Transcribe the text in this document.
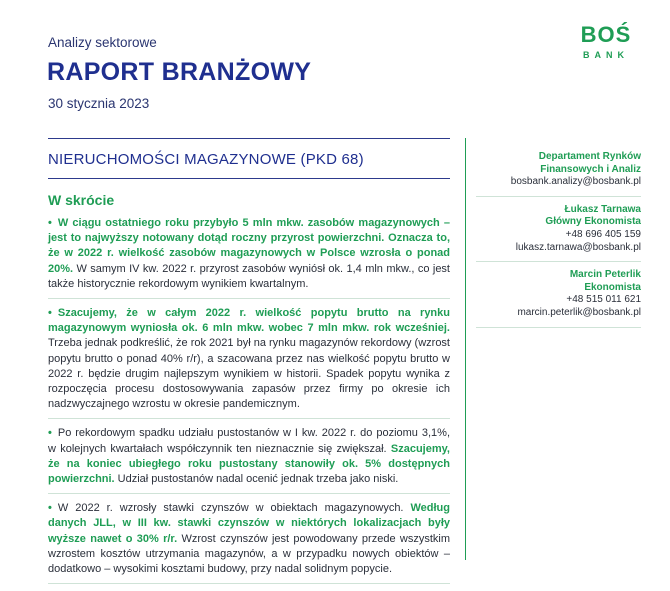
Analizy sektorowe
RAPORT BRANŻOWY
30 stycznia 2023
BOŚ
BANK
NIERUCHOMOŚCI MAGAZYNOWE (PKD 68)
W skrócie
• W ciągu ostatniego roku przybyło 5 mln mkw. zasobów magazynowych – jest to najwyższy notowany dotąd roczny przyrost powierzchni. Oznacza to, że w 2022 r. wielkość zasobów magazynowych w Polsce wzrosła o ponad 20%. W samym IV kw. 2022 r. przyrost zasobów wyniósł ok. 1,4 mln mkw., co jest także historycznie rekordowym wynikiem kwartalnym.
• Szacujemy, że w całym 2022 r. wielkość popytu brutto na rynku magazynowym wyniosła ok. 6 mln mkw. wobec 7 mln mkw. rok wcześniej. Trzeba jednak podkreślić, że rok 2021 był na rynku magazynów rekordowy (wzrost popytu brutto o ponad 40% r/r), a szacowana przez nas wielkość popytu brutto w 2022 r. będzie drugim najlepszym wynikiem w historii. Spadek popytu wynika z rozpoczęcia procesu dostosowywania zapasów przez firmy po okresie ich nadzwyczajnego wzrostu w okresie pandemicznym.
• Po rekordowym spadku udziału pustostanów w I kw. 2022 r. do poziomu 3,1%, w kolejnych kwartałach współczynnik ten nieznacznie się zwiększał. Szacujemy, że na koniec ubiegłego roku pustostany stanowiły ok. 5% dostępnych powierzchni. Udział pustostanów nadal ocenić jednak trzeba jako niski.
• W 2022 r. wzrosły stawki czynszów w obiektach magazynowych. Według danych JLL, w III kw. stawki czynszów w niektórych lokalizacjach były wyższe nawet o 30% r/r. Wzrost czynszów jest powodowany przede wszystkim wzrostem kosztów utrzymania magazynów, a w przypadku nowych obiektów – dodatkowo – wysokimi kosztami budowy, przy nadal solidnym popycie.
Departament Rynków Finansowych i Analiz
bosbank.analizy@bosbank.pl
Łukasz Tarnawa
Główny Ekonomista
+48 696 405 159
lukasz.tarnawa@bosbank.pl
Marcin Peterlik
Ekonomista
+48 515 011 621
marcin.peterlik@bosbank.pl
